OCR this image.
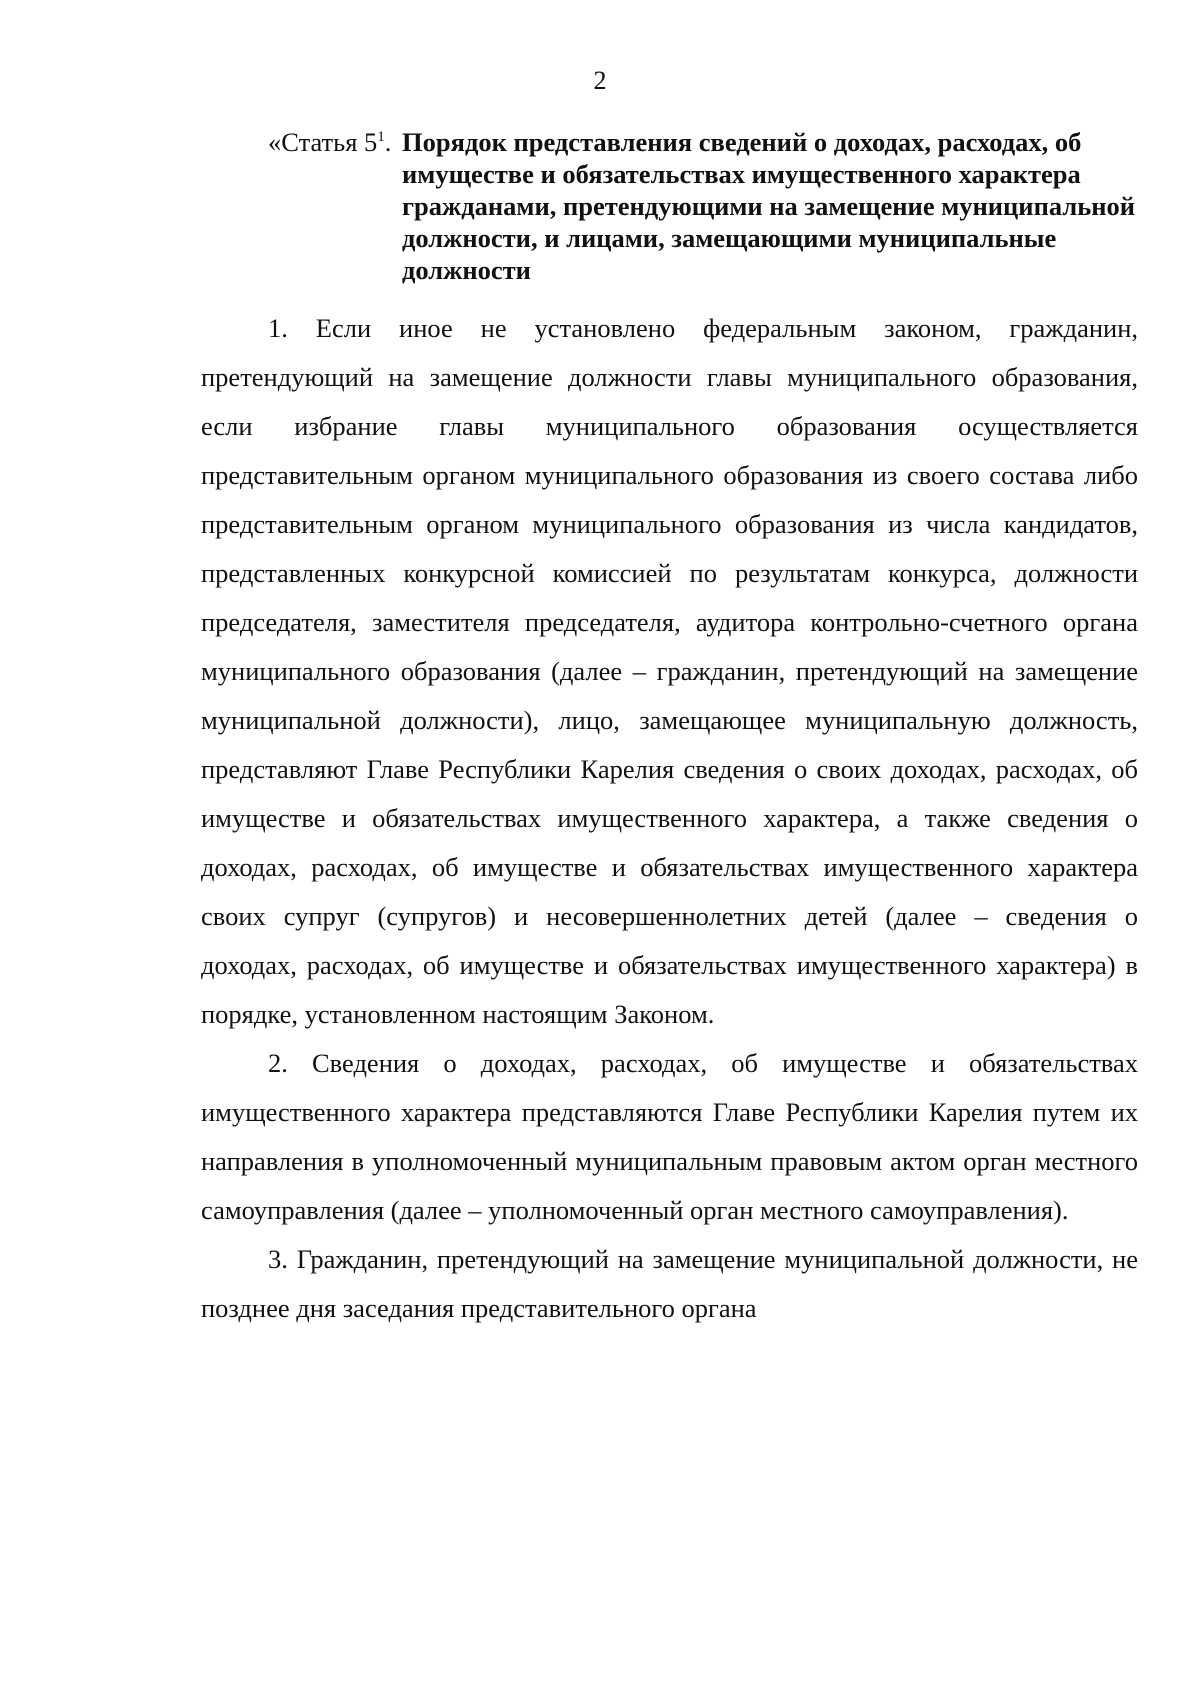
2
«Статья $5^1$. Порядок представления сведений о доходах, расходах, об имуществе и обязательствах имущественного характера гражданами, претендующими на замещение муниципальной должности, и лицами, замещающими муниципальные должности

1. Если иное не установлено федеральным законом, гражданин, претендующий на замещение должности главы муниципального образования, если избрание главы муниципального образования осуществляется представительным органом муниципального образования из своего состава либо представительным органом муниципального образования из числа кандидатов, представленных конкурсной комиссией по результатам конкурса, должности председателя, заместителя председателя, аудитора контрольно-счетного органа муниципального образования (далее – гражданин, претендующий на замещение муниципальной должности), лицо, замещающее муниципальную должность, представляют Главе Республики Карелия сведения о своих доходах, расходах, об имуществе и обязательствах имущественного характера, а также сведения о доходах, расходах, об имуществе и обязательствах имущественного характера своих супруг (супругов) и несовершеннолетних детей (далее – сведения о доходах, расходах, об имуществе и обязательствах имущественного характера) в порядке, установленном настоящим Законом.

2. Сведения о доходах, расходах, об имуществе и обязательствах имущественного характера представляются Главе Республики Карелия путем их направления в уполномоченный муниципальным правовым актом орган местного самоуправления (далее – уполномоченный орган местного самоуправления).

3. Гражданин, претендующий на замещение муниципальной должности, не позднее дня заседания представительного органа
